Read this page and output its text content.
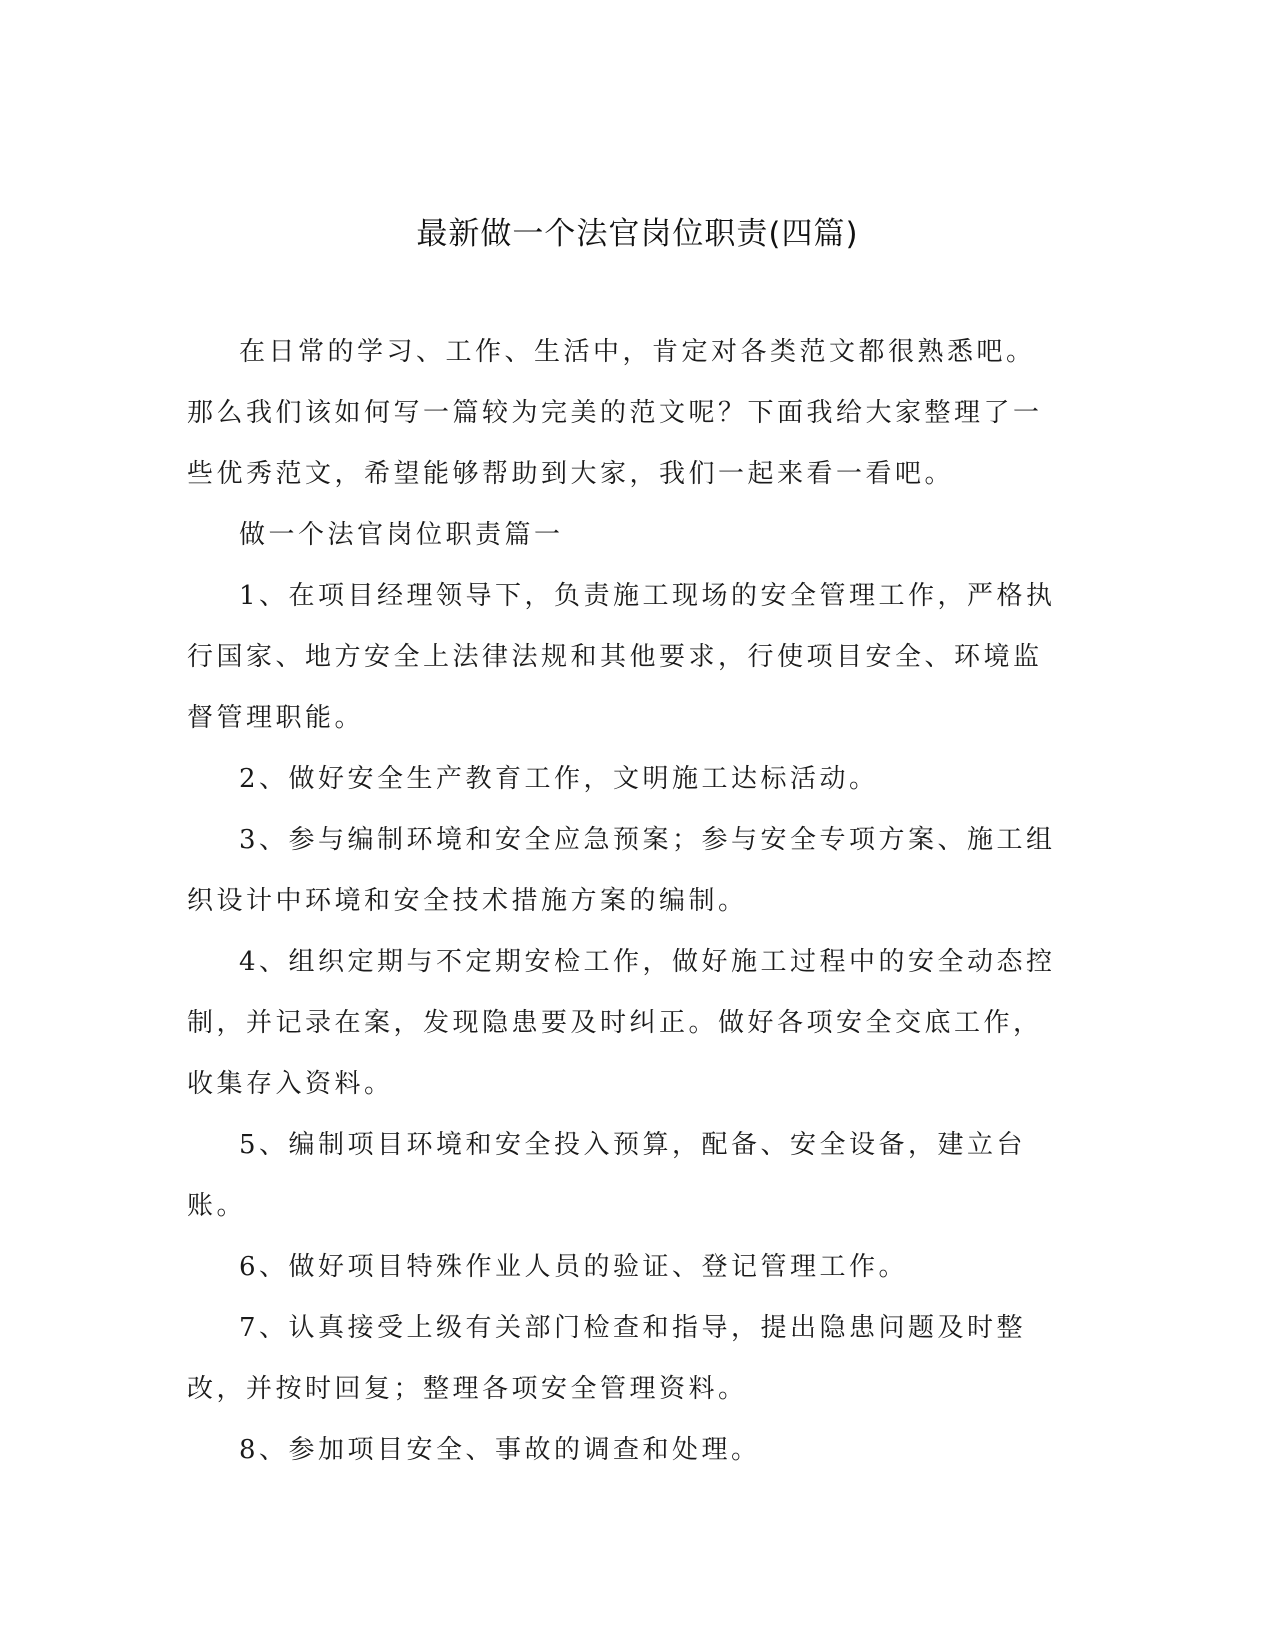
最新做一个法官岗位职责(四篇)

在日常的学习、工作、生活中，肯定对各类范文都很熟悉吧。那么我们该如何写一篇较为完美的范文呢？下面我给大家整理了一些优秀范文，希望能够帮助到大家，我们一起来看一看吧。

做一个法官岗位职责篇一

1、在项目经理领导下，负责施工现场的安全管理工作，严格执行国家、地方安全上法律法规和其他要求，行使项目安全、环境监督管理职能。

2、做好安全生产教育工作，文明施工达标活动。

3、参与编制环境和安全应急预案；参与安全专项方案、施工组织设计中环境和安全技术措施方案的编制。

4、组织定期与不定期安检工作，做好施工过程中的安全动态控制，并记录在案，发现隐患要及时纠正。做好各项安全交底工作，收集存入资料。

5、编制项目环境和安全投入预算，配备、安全设备，建立台账。

6、做好项目特殊作业人员的验证、登记管理工作。

7、认真接受上级有关部门检查和指导，提出隐患问题及时整改，并按时回复；整理各项安全管理资料。

8、参加项目安全、事故的调查和处理。
